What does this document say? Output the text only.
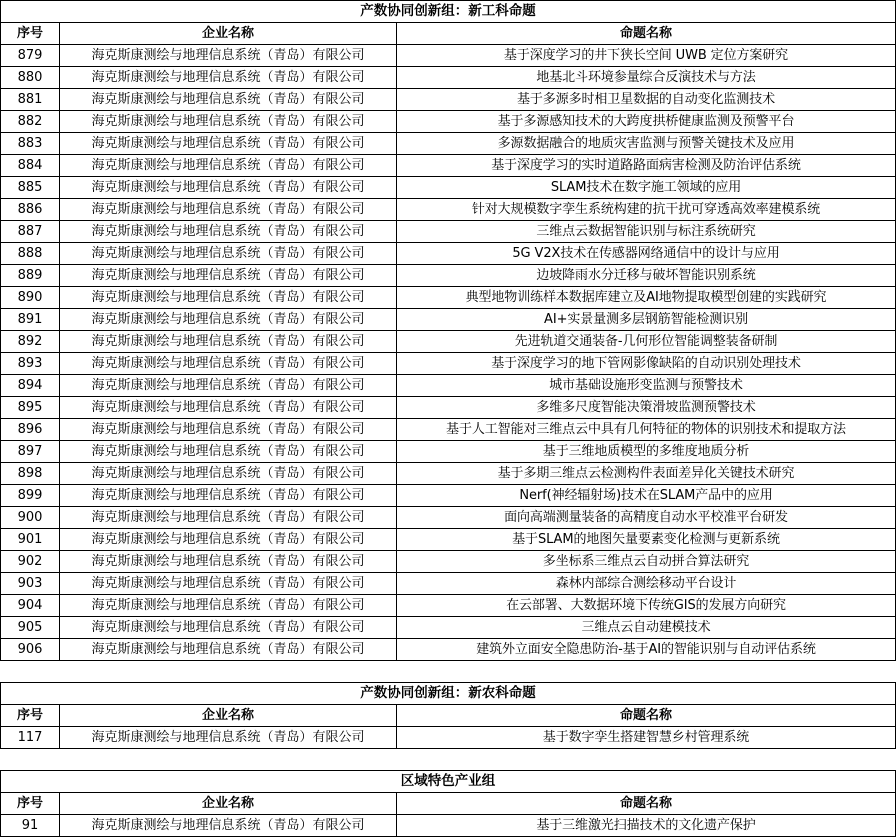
产数协同创新组：新工科命题		
序号	企业名称	命题名称
879	海克斯康测绘与地理信息系统（青岛）有限公司	基于深度学习的井下狭长空间 UWB 定位方案研究
880	海克斯康测绘与地理信息系统（青岛）有限公司	地基北斗环境参量综合反演技术与方法
881	海克斯康测绘与地理信息系统（青岛）有限公司	基于多源多时相卫星数据的自动变化监测技术
882	海克斯康测绘与地理信息系统（青岛）有限公司	基于多源感知技术的大跨度拱桥健康监测及预警平台
883	海克斯康测绘与地理信息系统（青岛）有限公司	多源数据融合的地质灾害监测与预警关键技术及应用
884	海克斯康测绘与地理信息系统（青岛）有限公司	基于深度学习的实时道路路面病害检测及防治评估系统
885	海克斯康测绘与地理信息系统（青岛）有限公司	SLAM技术在数字施工领域的应用
886	海克斯康测绘与地理信息系统（青岛）有限公司	针对大规模数字孪生系统构建的抗干扰可穿透高效率建模系统
887	海克斯康测绘与地理信息系统（青岛）有限公司	三维点云数据智能识别与标注系统研究
888	海克斯康测绘与地理信息系统（青岛）有限公司	5G V2X技术在传感器网络通信中的设计与应用
889	海克斯康测绘与地理信息系统（青岛）有限公司	边坡降雨水分迁移与破坏智能识别系统
890	海克斯康测绘与地理信息系统（青岛）有限公司	典型地物训练样本数据库建立及AI地物提取模型创建的实践研究
891	海克斯康测绘与地理信息系统（青岛）有限公司	AI+实景量测多层钢筋智能检测识别
892	海克斯康测绘与地理信息系统（青岛）有限公司	先进轨道交通装备-几何形位智能调整装备研制
893	海克斯康测绘与地理信息系统（青岛）有限公司	基于深度学习的地下管网影像缺陷的自动识别处理技术
894	海克斯康测绘与地理信息系统（青岛）有限公司	城市基础设施形变监测与预警技术
895	海克斯康测绘与地理信息系统（青岛）有限公司	多维多尺度智能决策滑坡监测预警技术
896	海克斯康测绘与地理信息系统（青岛）有限公司	基于人工智能对三维点云中具有几何特征的物体的识别技术和提取方法
897	海克斯康测绘与地理信息系统（青岛）有限公司	基于三维地质模型的多维度地质分析
898	海克斯康测绘与地理信息系统（青岛）有限公司	基于多期三维点云检测构件表面差异化关键技术研究
899	海克斯康测绘与地理信息系统（青岛）有限公司	Nerf(神经辐射场)技术在SLAM产品中的应用
900	海克斯康测绘与地理信息系统（青岛）有限公司	面向高端测量装备的高精度自动水平校准平台研发
901	海克斯康测绘与地理信息系统（青岛）有限公司	基于SLAM的地图矢量要素变化检测与更新系统
902	海克斯康测绘与地理信息系统（青岛）有限公司	多坐标系三维点云自动拼合算法研究
903	海克斯康测绘与地理信息系统（青岛）有限公司	森林内部综合测绘移动平台设计
904	海克斯康测绘与地理信息系统（青岛）有限公司	在云部署、大数据环境下传统GIS的发展方向研究
905	海克斯康测绘与地理信息系统（青岛）有限公司	三维点云自动建模技术
906	海克斯康测绘与地理信息系统（青岛）有限公司	建筑外立面安全隐患防治-基于AI的智能识别与自动评估系统
产数协同创新组：新农科命题		
序号	企业名称	命题名称
117	海克斯康测绘与地理信息系统（青岛）有限公司	基于数字孪生搭建智慧乡村管理系统
区域特色产业组		
序号	企业名称	命题名称
91	海克斯康测绘与地理信息系统（青岛）有限公司	基于三维激光扫描技术的文化遗产保护
